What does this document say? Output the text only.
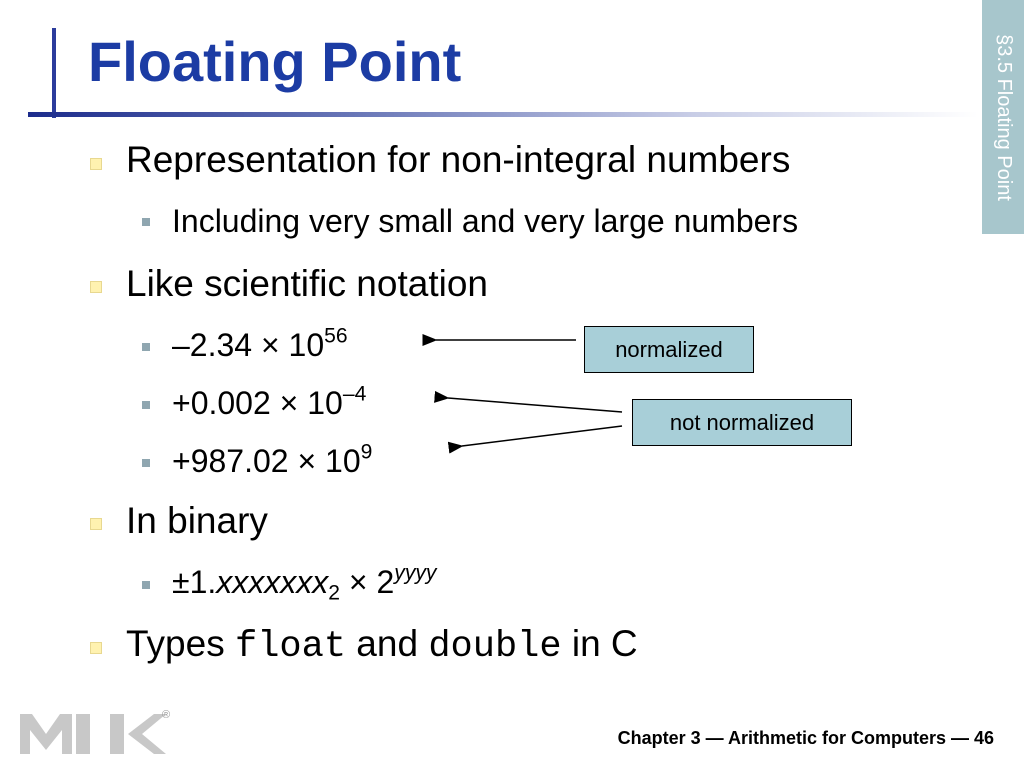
Floating Point	§3.5 Floating Point
Representation for non-integral numbers
Including very small and very large numbers
Like scientific notation
$-2.34 \times 10^{56}$
$+0.002 \times 10^{-4}$
$+987.02 \times 10^9$
In binary
±1.xxxxxxx$_2$ × $2^{yyyy}$
Types float and double in C
normalized
not normalized
®
Chapter 3 — Arithmetic for Computers — 46
